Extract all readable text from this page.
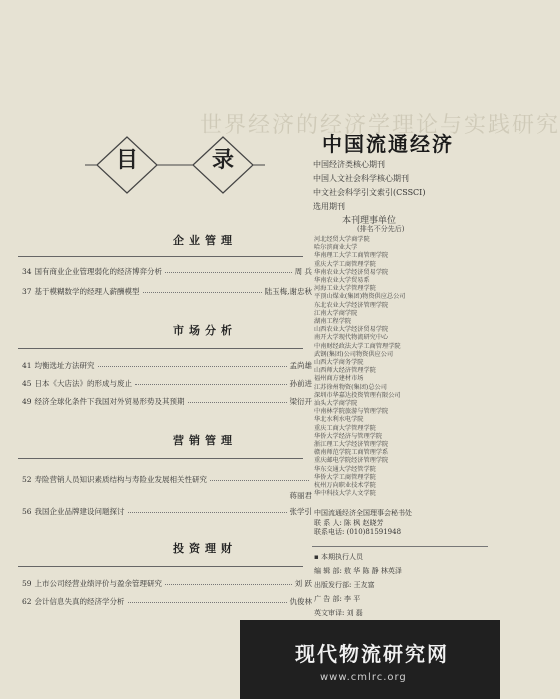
世界经济的经济学理论与实践研究
目	录
中国流通经济
中国经济类核心期刊
中国人文社会科学核心期刊
中文社会科学引文索引(CSSCI)
选用期刊
本刊理事单位
(排名不分先后)
河北经贸大学商学院
哈尔滨商业大学
华南理工大学工商管理学院
重庆大学工商管理学院
华南农业大学经济贸易学院
华南农业大学贸易系
河海工业大学管理学院
平顶山煤业(集团)物资供应总公司
东北农业大学经济管理学院
江南大学商学院
湖南工程学院
山西农业大学经济贸易学院
南开大学现代物流研究中心
中南财经政法大学工商管理学院
武钢(集团)公司物资供应公司
山西大学商务学院
山西师大经济管理学院
福州商方建材市场
江苏徐州物资(集团)总公司
深圳市华嘉达投资管理有限公司
汕头大学商学院
中南林学院旅游与管理学院
华北水利水电学院
重庆工商大学管理学院
华侨大学经济与管理学院
浙江理工大学经济管理学院
赣南师范学院工商管理学系
重庆邮电学院经济管理学院
华东交通大学经管学院
华侨大学工商管理学院
杭州万向职业技术学院
华中科技大学人文学院
中国流通经济全国理事会秘书处
联 系 人: 陈 枫 赵晓芳
联系电话: (010)81591948
▪ 本期执行人员
编 辑 部: 敖 华 陈 静 林英泽
出版发行部: 王友富
广 告 部: 李 平
英文审译: 刘 磊
企业管理
34 国有商业企业管理弱化的经济博弈分析	周 兵
37 基于模糊数学的经理人薪酬模型	陆玉梅,谢忠秋
市场分析
41 均衡选址方法研究	孟尚雄
45 日本《大店法》的形成与废止	孙前进
49 经济全球化条件下我国对外贸易形势及其预期	梁衍开
营销管理
52 寿险营销人员知识素质结构与寿险业发展相关性研究
蒋丽君
56 我国企业品牌建设问题探讨	张学引
投资理财
59 上市公司经营业绩评价与盈余管理研究	刘 跃
62 会计信息失真的经济学分析	仇俊林
现代物流研究网
www.cmlrc.org
